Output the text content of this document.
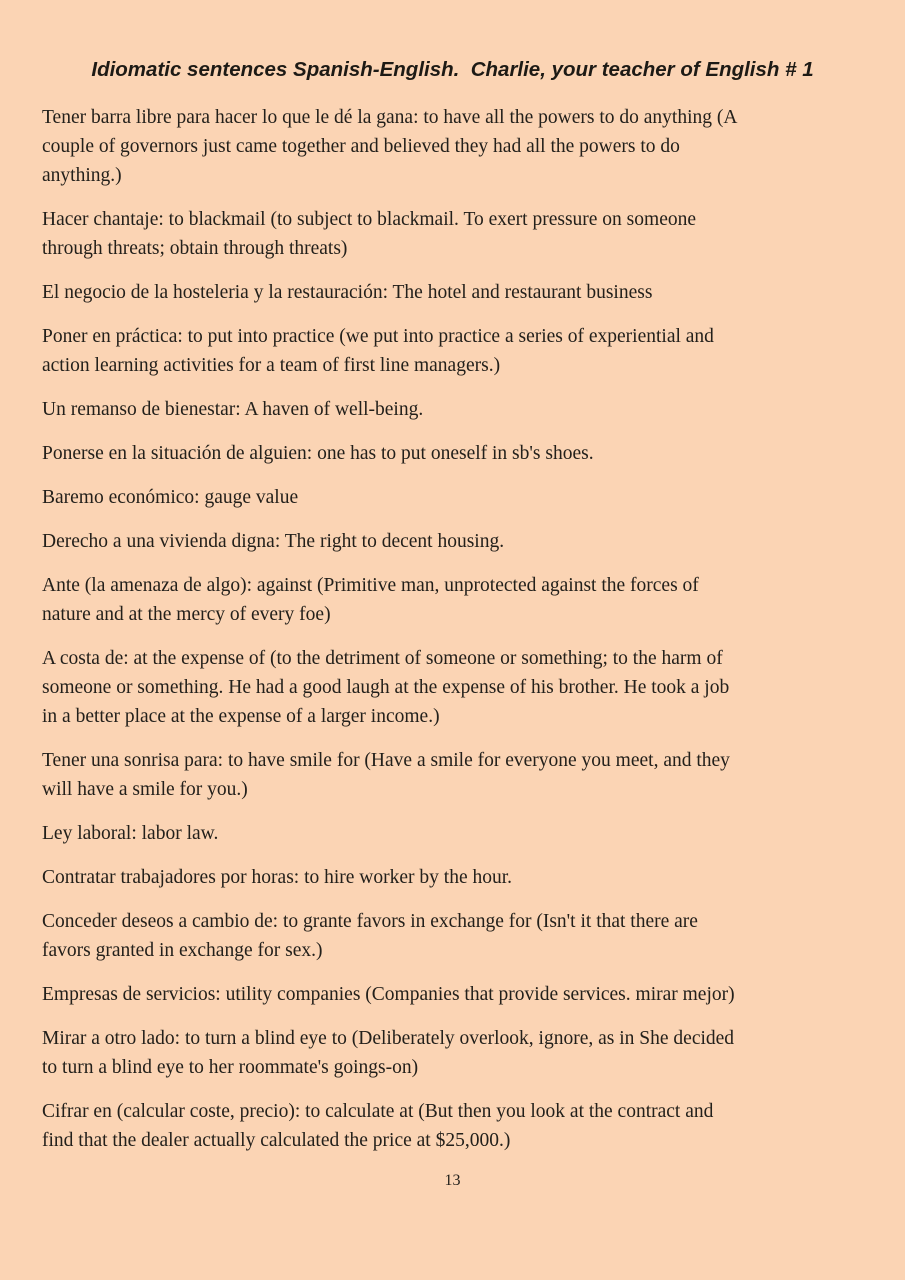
Idiomatic sentences Spanish-English.  Charlie, your teacher of English # 1
Tener barra libre para hacer lo que le dé la gana: to have all the powers to do anything (A
couple of governors just came together and believed they had all the powers to do
anything.)
Hacer chantaje: to blackmail (to subject to blackmail. To exert pressure on someone
through threats; obtain through threats)
El negocio de la hosteleria y la restauración: The hotel and restaurant business
Poner en práctica: to put into practice (we put into practice a series of experiential and
action learning activities for a team of first line managers.)
Un remanso de bienestar: A haven of well-being.
Ponerse en la situación de alguien: one has to put oneself in sb's shoes.
Baremo económico: gauge value
Derecho a una vivienda digna: The right to decent housing.
Ante (la amenaza de algo): against (Primitive man, unprotected against the forces of
nature and at the mercy of every foe)
A costa de: at the expense of (to the detriment of someone or something; to the harm of
someone or something. He had a good laugh at the expense of his brother. He took a job
in a better place at the expense of a larger income.)
Tener una sonrisa para: to have smile for (Have a smile for everyone you meet, and they
will have a smile for you.)
Ley laboral: labor law.
Contratar trabajadores por horas: to hire worker by the hour.
Conceder deseos a cambio de: to grante favors in exchange for (Isn't it that there are
favors granted in exchange for sex.)
Empresas de servicios: utility companies (Companies that provide services. mirar mejor)
Mirar a otro lado: to turn a blind eye to (Deliberately overlook, ignore, as in She decided
to turn a blind eye to her roommate's goings-on)
Cifrar en (calcular coste, precio): to calculate at (But then you look at the contract and
find that the dealer actually calculated the price at $25,000.)
13
